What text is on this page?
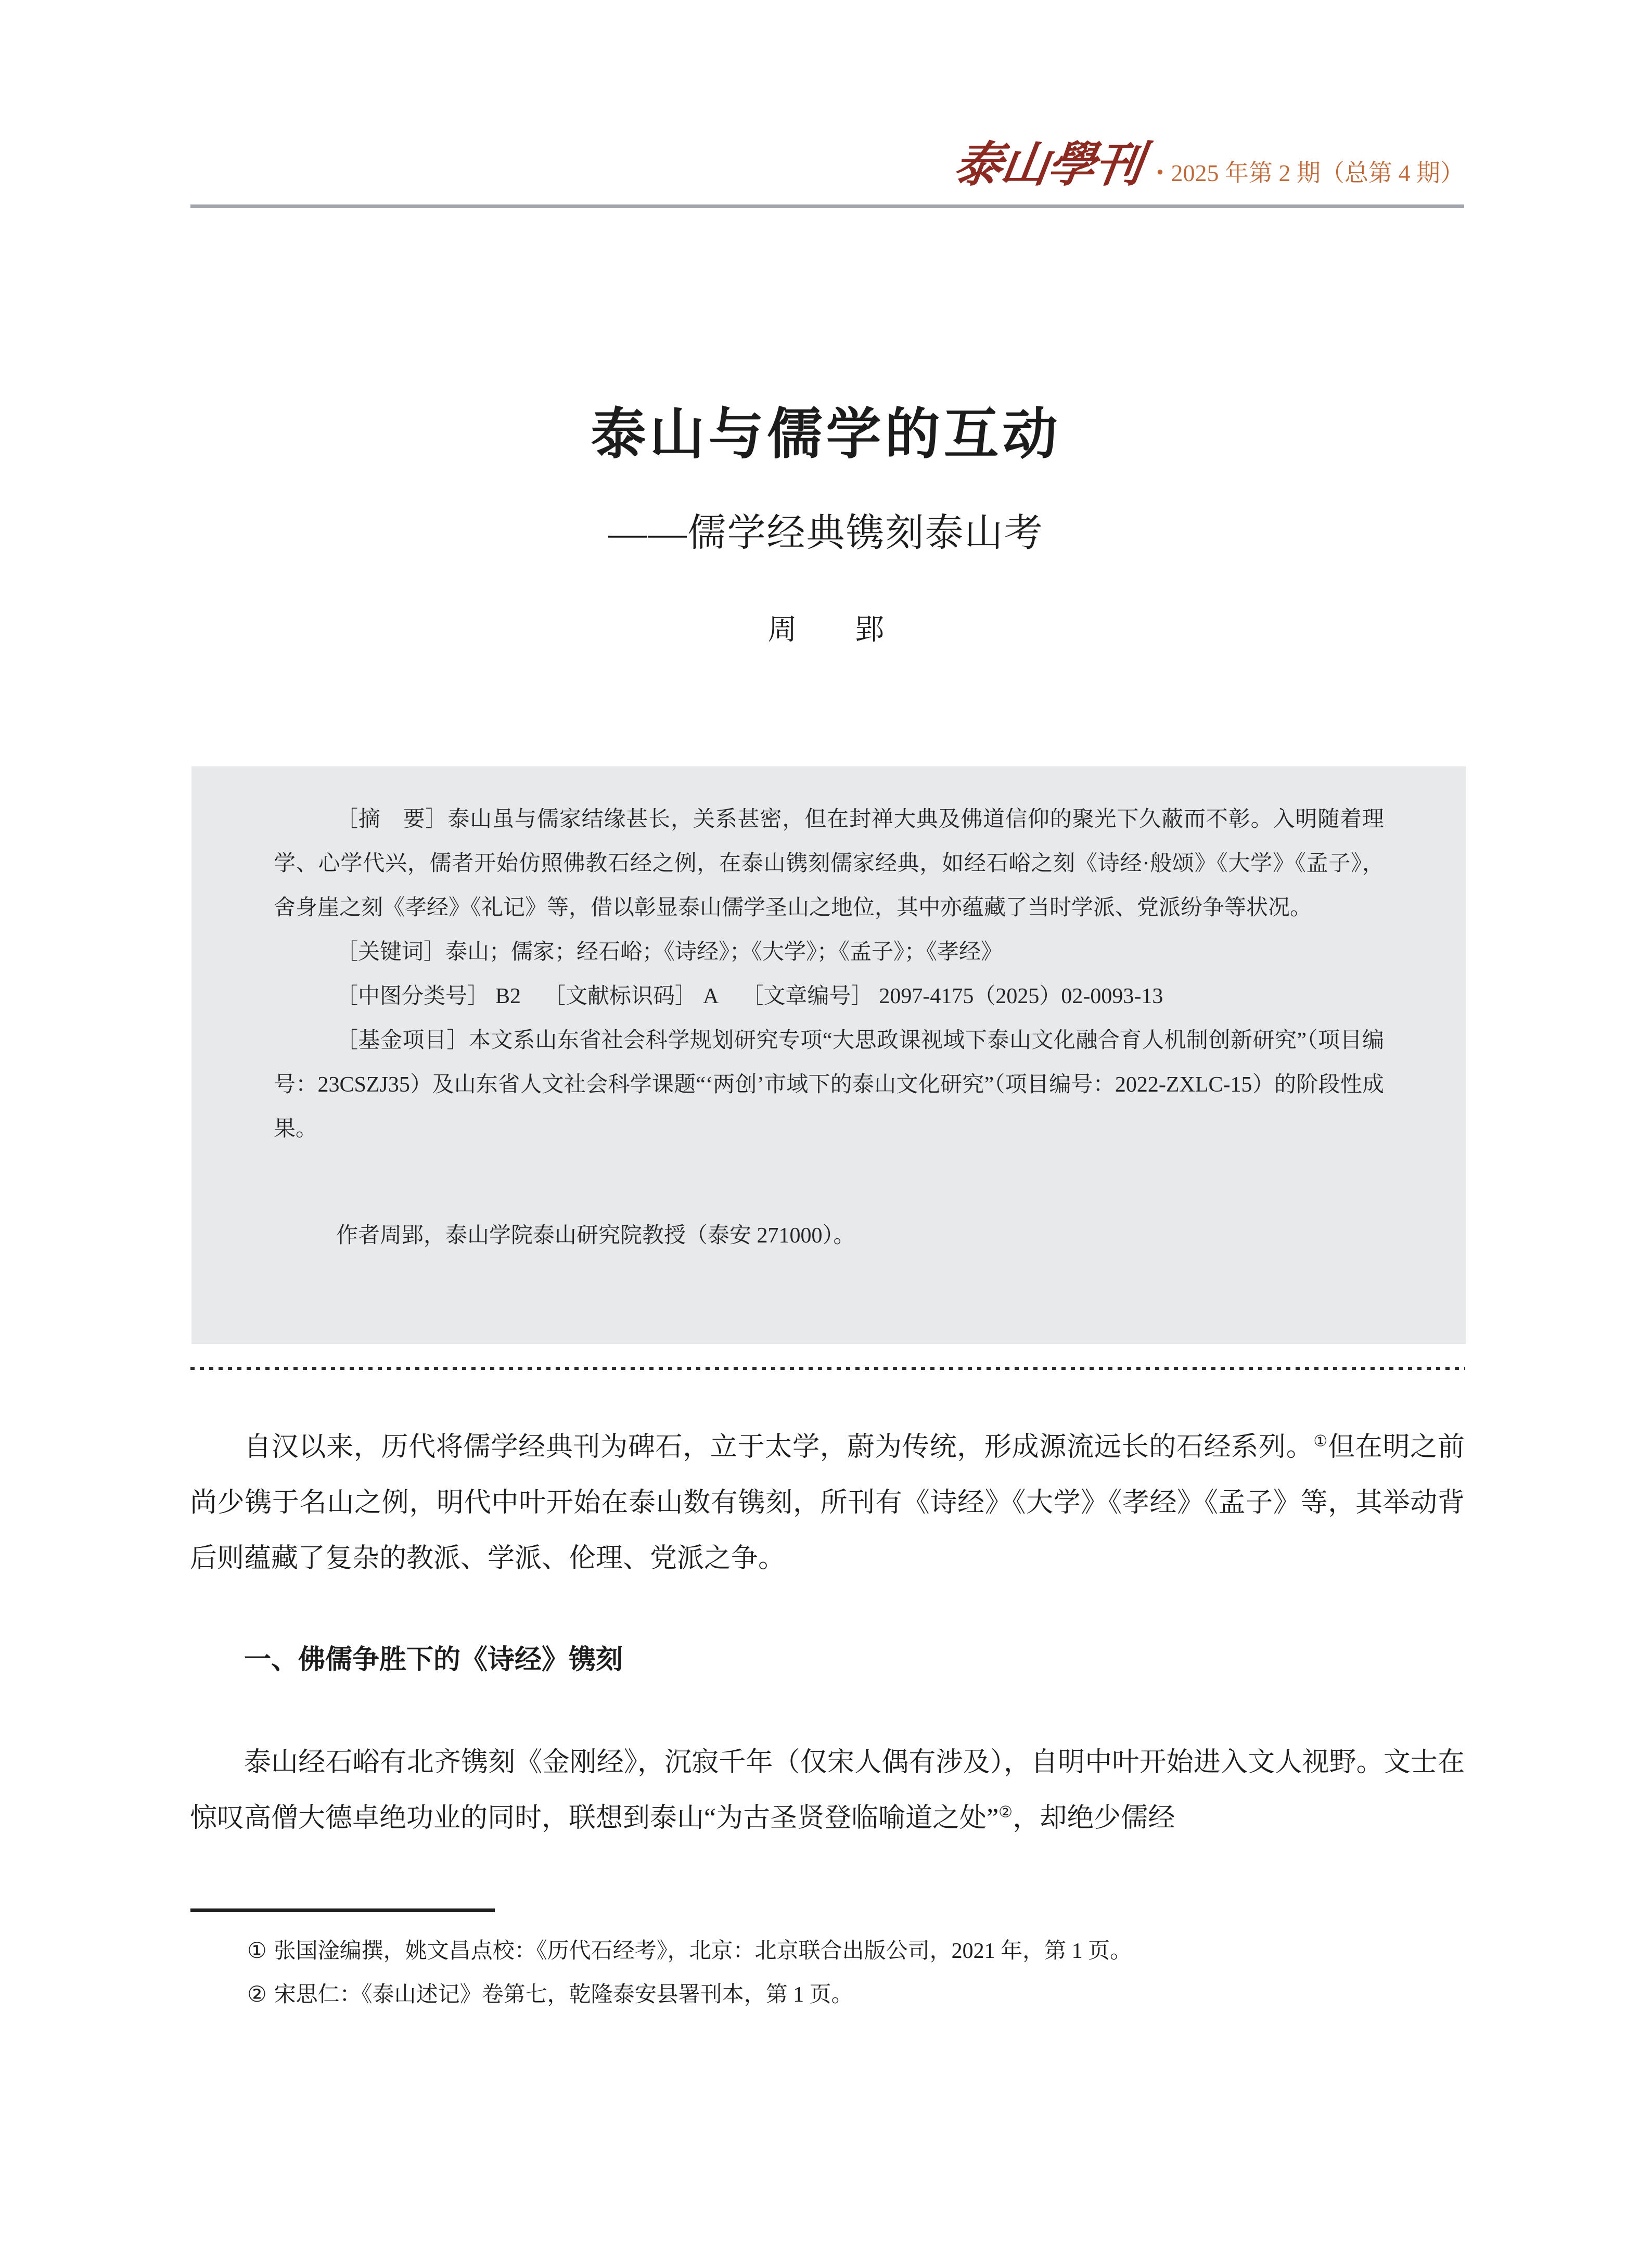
泰山學刊 • 2025 年第 2 期（总第 4 期）
泰山与儒学的互动
——儒学经典镌刻泰山考
周　　郢

［摘　要］泰山虽与儒家结缘甚长，关系甚密，但在封禅大典及佛道信仰的聚光下久蔽而不彰。入明随着理学、心学代兴，儒者开始仿照佛教石经之例，在泰山镌刻儒家经典，如经石峪之刻《诗经·般颂》《大学》《孟子》，舍身崖之刻《孝经》《礼记》等，借以彰显泰山儒学圣山之地位，其中亦蕴藏了当时学派、党派纷争等状况。

［关键词］泰山；儒家；经石峪；《诗经》；《大学》；《孟子》；《孝经》

［中图分类号］ B2 ［文献标识码］ A ［文章编号］ 2097-4175（2025）02-0093-13

［基金项目］本文系山东省社会科学规划研究专项“大思政课视域下泰山文化融合育人机制创新研究”（项目编号：23CSZJ35）及山东省人文社会科学课题“‘两创’市域下的泰山文化研究”（项目编号：2022-ZXLC-15）的阶段性成果。

作者周郢，泰山学院泰山研究院教授（泰安 271000）。

自汉以来，历代将儒学经典刊为碑石，立于太学，蔚为传统，形成源流远长的石经系列。①但在明之前尚少镌于名山之例，明代中叶开始在泰山数有镌刻，所刊有《诗经》《大学》《孝经》《孟子》等，其举动背后则蕴藏了复杂的教派、学派、伦理、党派之争。

一、佛儒争胜下的《诗经》镌刻

泰山经石峪有北齐镌刻《金刚经》，沉寂千年（仅宋人偶有涉及），自明中叶开始进入文人视野。文士在惊叹高僧大德卓绝功业的同时，联想到泰山“为古圣贤登临喻道之处”②，却绝少儒经

① 张国淦编撰，姚文昌点校：《历代石经考》，北京：北京联合出版公司，2021 年，第 1 页。
② 宋思仁：《泰山述记》卷第七，乾隆泰安县署刊本，第 1 页。
